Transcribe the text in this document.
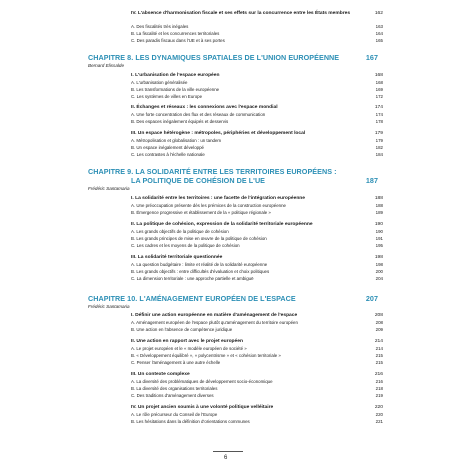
IV. L'absence d'harmonisation fiscale et ses effets sur la concurrence entre les États membres	162
A. Des fiscalités très inégales	163
B. La fiscalité et les concurrences territoriales	164
C. Des paradis fiscaux dans l'UE et à ses portes	165
CHAPITRE 8. LES DYNAMIQUES SPATIALES DE L'UNION EUROPÉENNE	167
Bernard Elissalde
I. L'urbanisation de l'espace européen	168
A. L'urbanisation généralisée	168
B. Les transformations de la ville européenne	169
C. Les systèmes de villes en Europe	172
II. Échanges et réseaux : les connexions avec l'espace mondial	174
A. Une forte concentration des flux et des réseaux de communication	174
B. Des espaces inégalement équipés et desservis	178
III. Un espace hétérogène : métropoles, périphéries et développement local	179
A. Métropolisation et globalisation : un tandem	179
B. Un espace inégalement développé	182
C. Les contrastes à l'échelle nationale	184
CHAPITRE 9. LA SOLIDARITÉ ENTRE LES TERRITOIRES EUROPÉENS :
LA POLITIQUE DE COHÉSION DE L'UE	187
Frédéric Santamaria
I. La solidarité entre les territoires : une facette de l'intégration européenne	188
A. Une préoccupation présente dès les prémices de la construction européenne	188
B. Émergence progressive et établissement de la « politique régionale »	189
II. La politique de cohésion, expression de la solidarité territoriale européenne	190
A. Les grands objectifs de la politique de cohésion	190
B. Les grands principes de mise en œuvre de la politique de cohésion	191
C. Les cadres et les moyens de la politique de cohésion	195
III. La solidarité territoriale questionnée	198
A. La question budgétaire : limite et réalité de la solidarité européenne	198
B. Les grands objectifs : entre difficultés d'évaluation et choix politiques	200
C. La dimension territoriale : une approche partielle et ambiguë	204
CHAPITRE 10. L'AMÉNAGEMENT EUROPÉEN DE L'ESPACE	207
Frédéric Santamaria
I. Définir une action européenne en matière d'aménagement de l'espace	208
A. Aménagement européen de l'espace plutôt qu'aménagement du territoire européen	208
B. Une action en l'absence de compétence juridique	209
II. Une action en rapport avec le projet européen	214
A. Le projet européen et le « modèle européen de société »	214
B. « Développement équilibré », « polycentrisme » et « cohésion territoriale »	215
C. Penser l'aménagement à une autre échelle	215
III. Un contexte complexe	216
A. La diversité des problématiques de développement socio-économique	216
B. La diversité des organisations territoriales	218
C. Des traditions d'aménagement diverses	219
IV. Un projet ancien soumis à une volonté politique velléitaire	220
A. Le rôle précurseur du Conseil de l'Europe	220
B. Les hésitations dans la définition d'orientations communes	221
6
